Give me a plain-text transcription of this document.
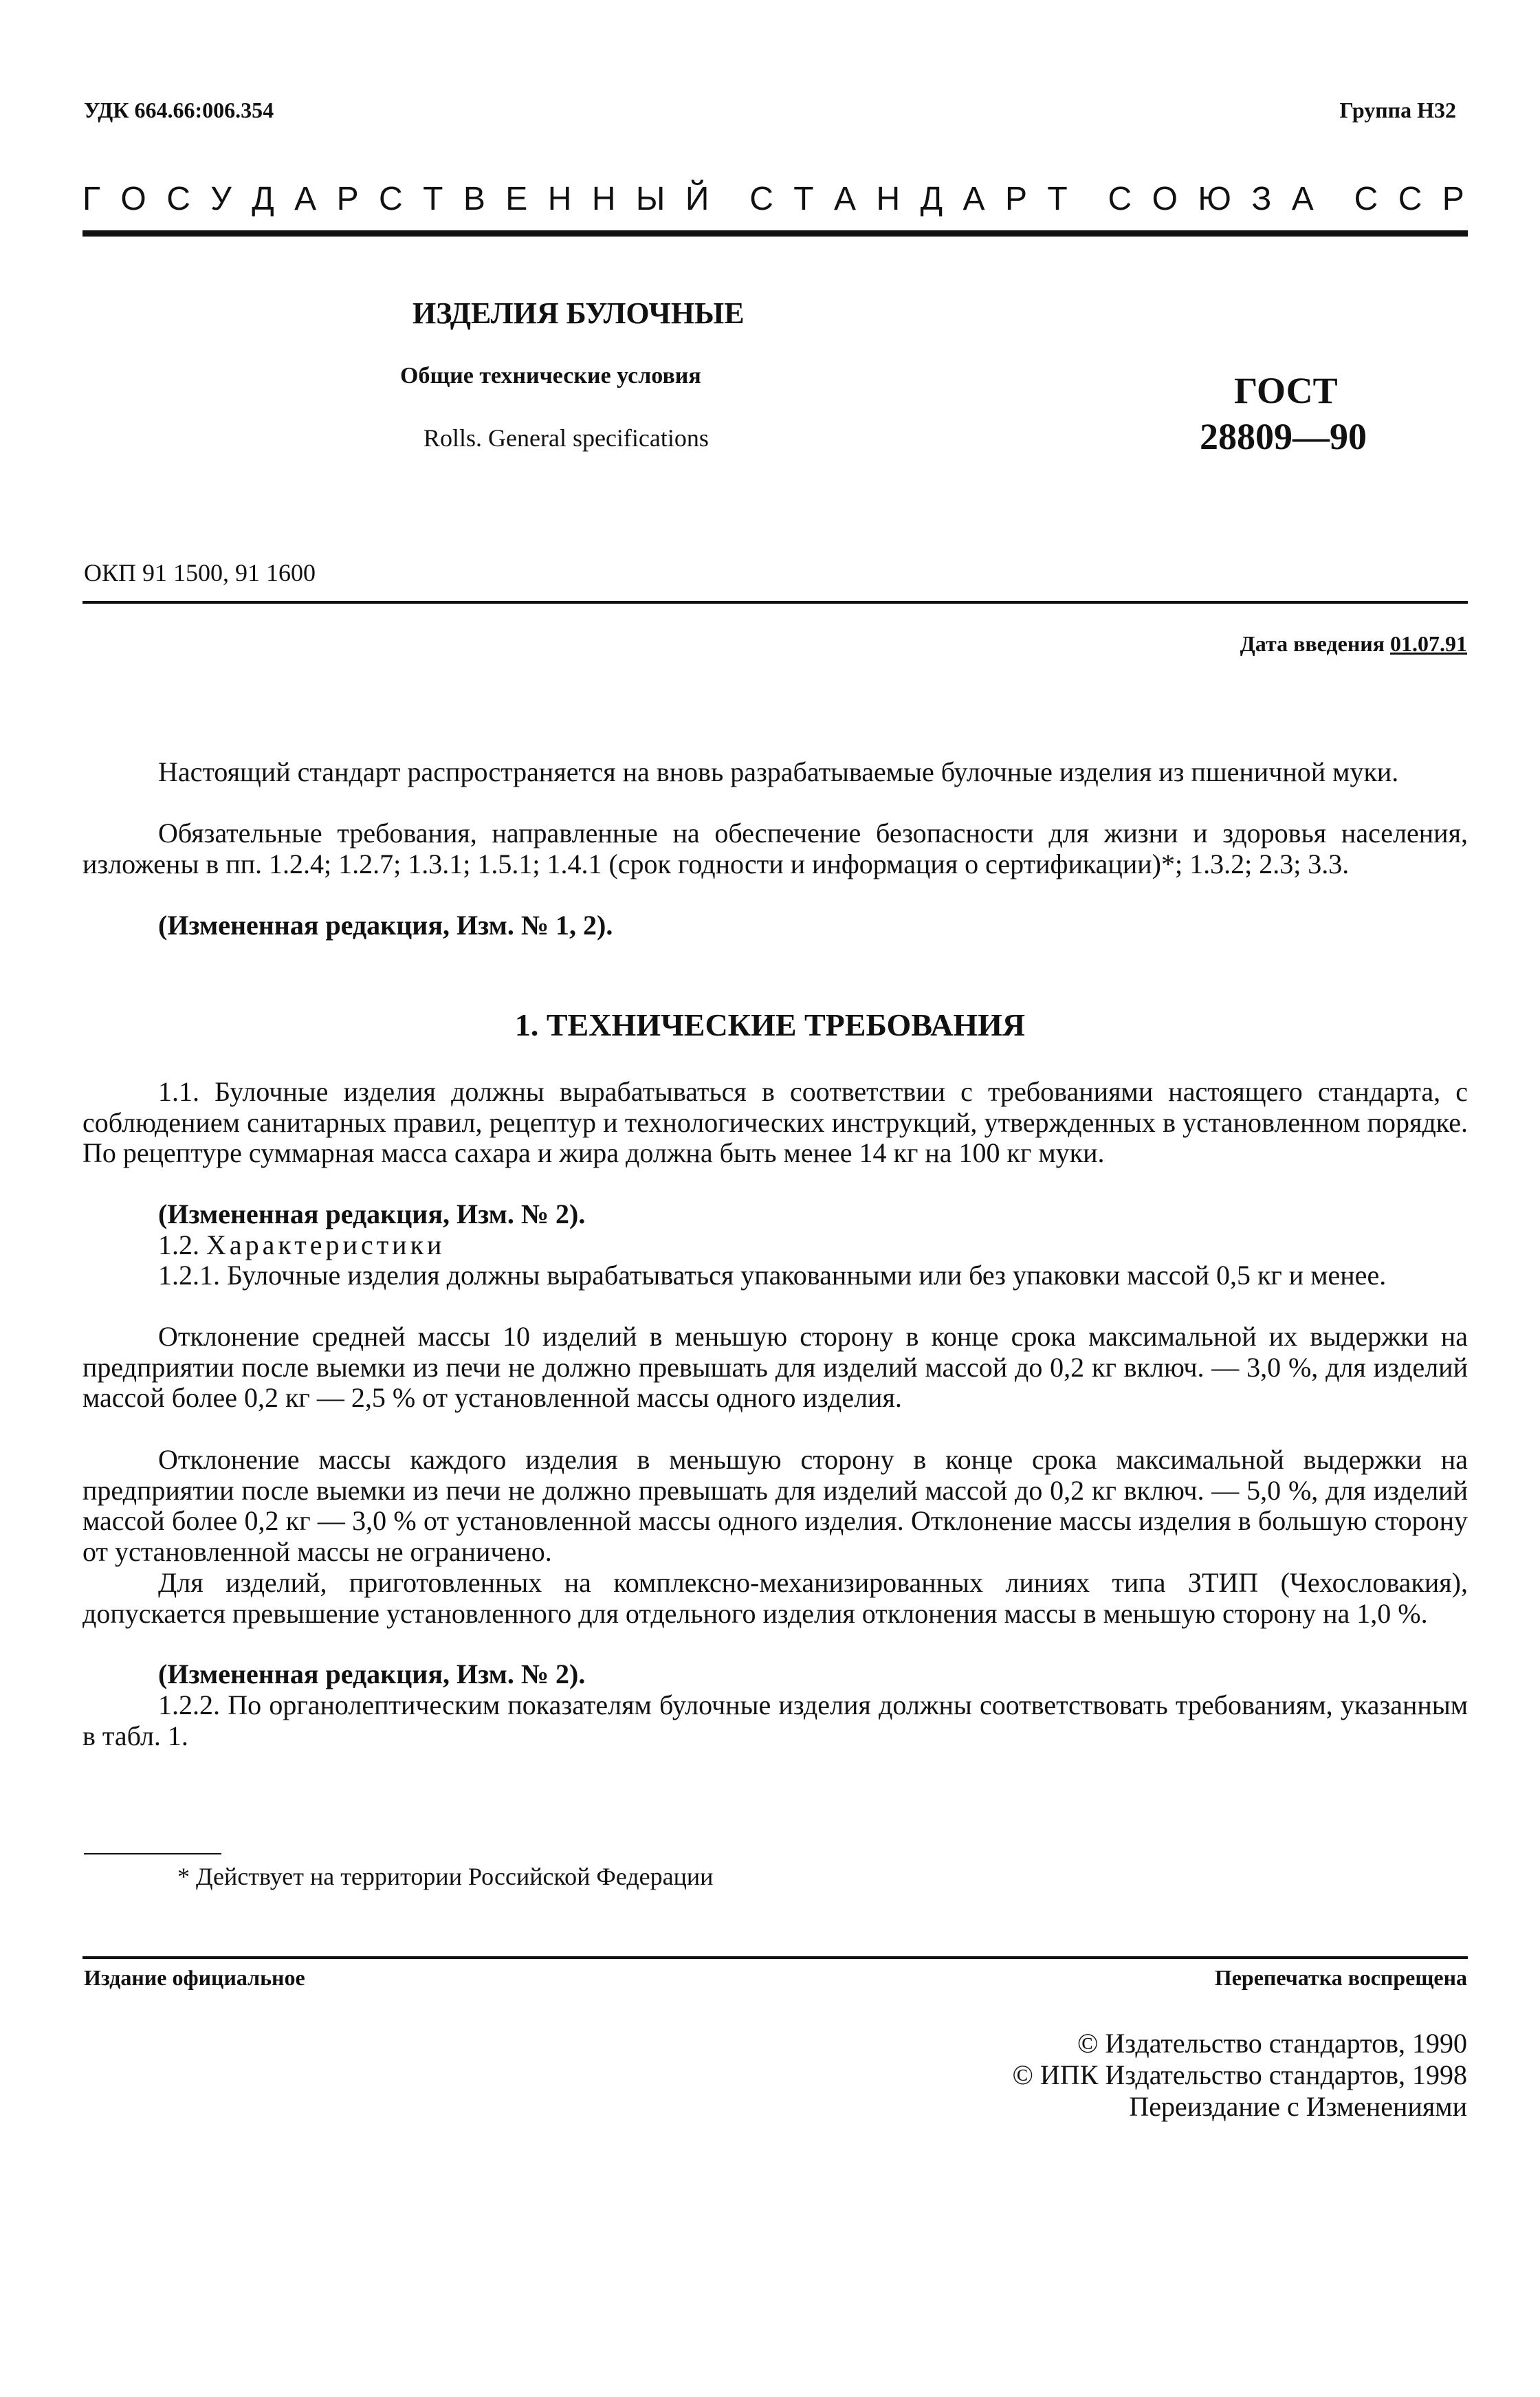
УДК 664.66:006.354	Группа Н32
Г О С У Д А Р С Т В Е Н Н Ы Й С Т А Н Д А Р Т С О Ю З А С С Р
ИЗДЕЛИЯ БУЛОЧНЫЕ
Общие технические условия
Rolls. General specifications
ГОСТ
28809—90
ОКП 91 1500, 91 1600
Дата введения 01.07.91
Настоящий стандарт распространяется на вновь разрабатываемые булочные изделия из пшеничной муки.
Обязательные требования, направленные на обеспечение безопасности для жизни и здоровья населения, изложены в пп. 1.2.4; 1.2.7; 1.3.1; 1.5.1; 1.4.1 (срок годности и информация о сертификации)*; 1.3.2; 2.3; 3.3.
(Измененная редакция, Изм. № 1, 2).
1. ТЕХНИЧЕСКИЕ ТРЕБОВАНИЯ
1.1. Булочные изделия должны вырабатываться в соответствии с требованиями настоящего стандарта, с соблюдением санитарных правил, рецептур и технологических инструкций, утвержденных в установленном порядке. По рецептуре суммарная масса сахара и жира должна быть менее 14 кг на 100 кг муки.
(Измененная редакция, Изм. № 2).
1.2. Характеристики
1.2.1. Булочные изделия должны вырабатываться упакованными или без упаковки массой 0,5 кг и менее.
Отклонение средней массы 10 изделий в меньшую сторону в конце срока максимальной их выдержки на предприятии после выемки из печи не должно превышать для изделий массой до 0,2 кг включ. — 3,0 %, для изделий массой более 0,2 кг — 2,5 % от установленной массы одного изделия.
Отклонение массы каждого изделия в меньшую сторону в конце срока максимальной выдержки на предприятии после выемки из печи не должно превышать для изделий массой до 0,2 кг включ. — 5,0 %, для изделий массой более 0,2 кг — 3,0 % от установленной массы одного изделия. Отклонение массы изделия в большую сторону от установленной массы не ограничено.
Для изделий, приготовленных на комплексно-механизированных линиях типа ЗТИП (Чехословакия), допускается превышение установленного для отдельного изделия отклонения массы в меньшую сторону на 1,0 %.
(Измененная редакция, Изм. № 2).
1.2.2. По органолептическим показателям булочные изделия должны соответствовать требованиям, указанным в табл. 1.
* Действует на территории Российской Федерации
Издание официальное	Перепечатка воспрещена
© Издательство стандартов, 1990
© ИПК Издательство стандартов, 1998
Переиздание с Изменениями
